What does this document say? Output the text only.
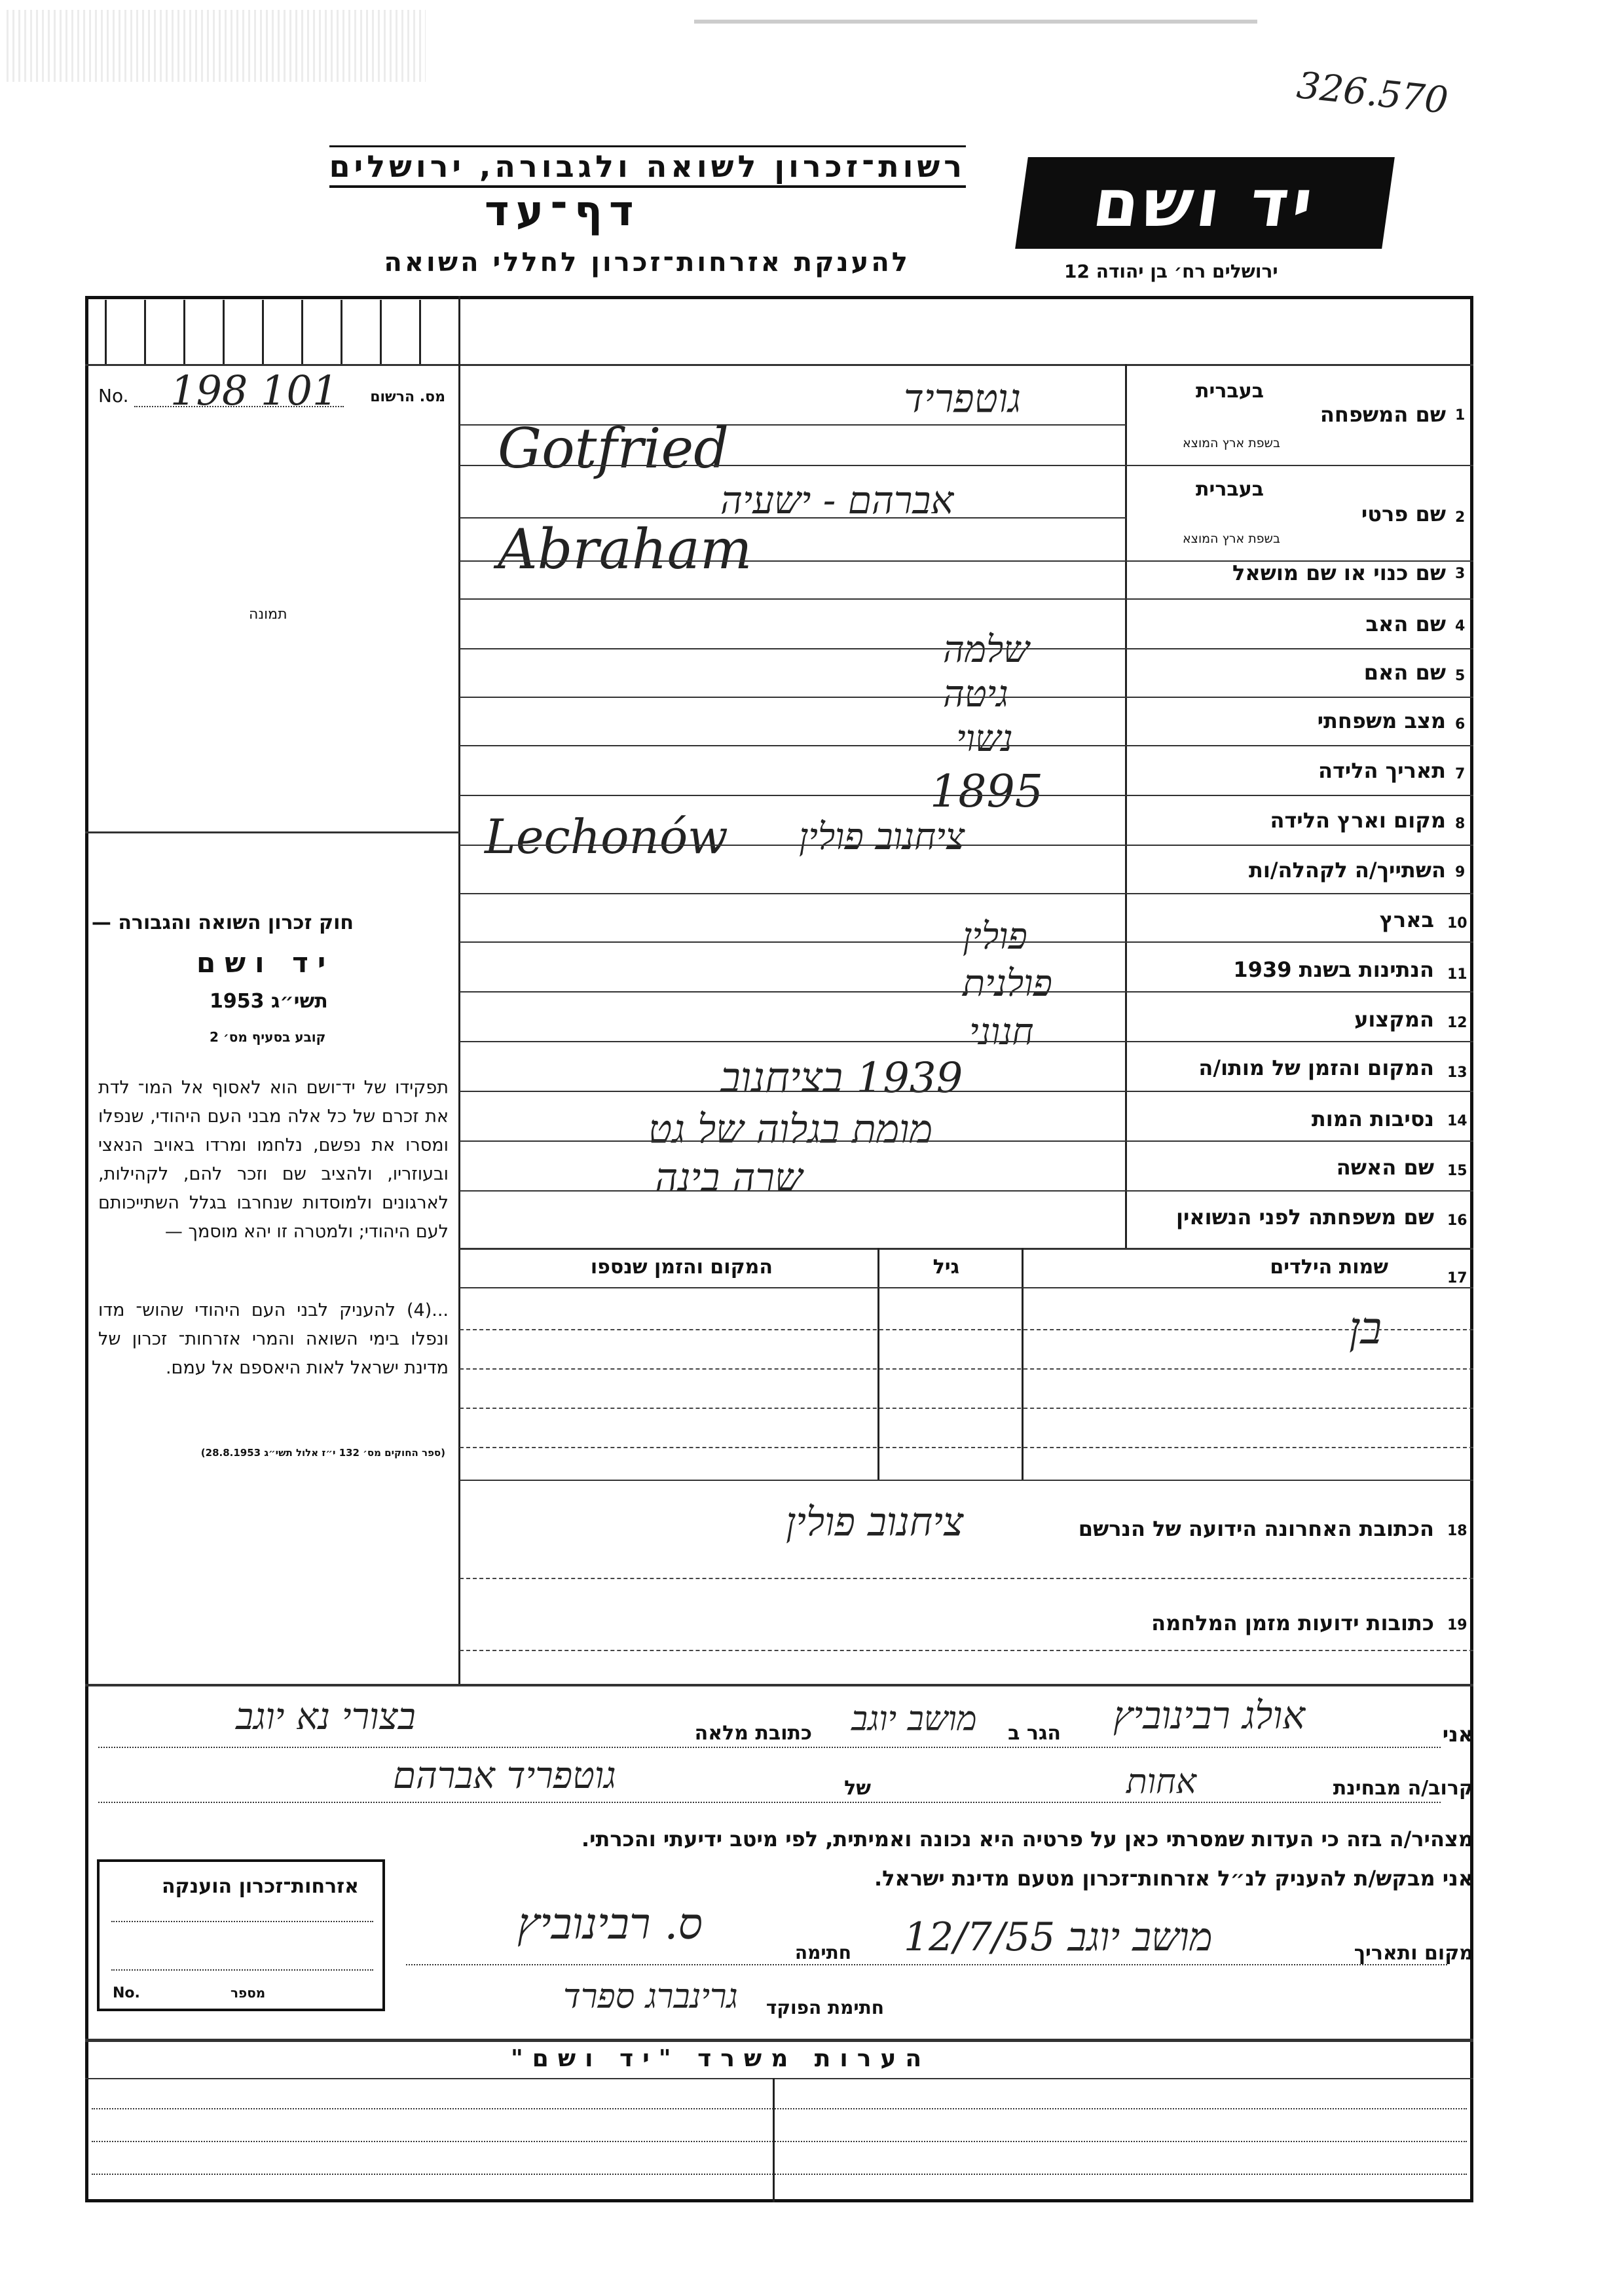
326.570
רשות־זכרון לשואה ולגבורה, ירושלים
דף־עד
להענקת אזרחות־זכרון לחללי השואה
יד ושם
ירושלים רח׳ בן יהודה 12
No. 198 101 מס. הרשום
תמונה
1
שם המשפחה
בעברית
בשפת ארץ המוצא
גוטפריד
Gotfried
2
שם פרטי
בעברית
בשפת ארץ המוצא
אברהם - ישעיה
Abraham	3
שם כנוי או שם מושאל
4
שם האב
שלמה
5
שם האם
גיטה
6
מצב משפחתי
נשוי
7
תאריך הלידה
1895
8
מקום וארץ הלידה
Lechonów ציחנוב פולין
9
השתייך/ה לקהלה/ות
10
בארץ
פולין
11
הנתינות בשנת 1939
פולנית
12
המקצוע
חנוני
13
המקום והזמן של מותו/ה
1939 בציחנוב
14
נסיבות המות
מומת בגלוה של גט
15
שם האשה
שרה בינה
16
שם משפחתה לפני הנשואין
17
שמות הילדים
גיל
המקום והזמן שנספו
בן
18
הכתובת האחרונה הידועה של הנרשם
ציחנוב פולין
19
כתובות ידועות מזמן המלחמה
חוק זכרון השואה והגבורה —
יד ושם
תשי״ג 1953
קובע בסעיף מס׳ 2
תפקידו של יד־ושם הוא לאסוף אל המו־ לדת את זכרם של כל אלה מבני העם היהודי, שנפלו ומסרו את נפשם, נלחמו ומרדו באויב הנאצי ובעוזריו, ולהציב שם וזכר להם, לקהילות, לארגונים ולמוסדות שנחרבו בגלל השתייכותם לעם היהודי; ולמטרה זו יהא מוסמך —
...(4) להעניק לבני העם היהודי שהוש־ מדו ונפלו בימי השואה והמרי אזרחות־ זכרון של מדינת ישראל לאות היאספם אל עמם.
(ספר החוקים מס׳ 132 י״ז אלול תשי״ג 28.8.1953)
אני
אולג רבינוביץ
הגר ב
מושב יוגב
כתובת מלאה
בצורי נא יוגב
קרוב/ה מבחינת
אחות
של
גוטפריד אברהם
מצהיר/ה בזה כי העדות שמסרתי כאן על פרטיה היא נכונה ואמיתית, לפי מיטב ידיעתי והכרתי.
אני מבקש/ת להעניק לנ״ל אזרחות־זכרון מטעם מדינת ישראל.
מקום ותאריך
מושב יוגב 12/7/55
חתימה
ס. רבינוביץ
חתימת הפוקד
גרינברג ספרד
אזרחות־זכרון הוענקה
No.	מספר
הערות משרד "יד ושם"
